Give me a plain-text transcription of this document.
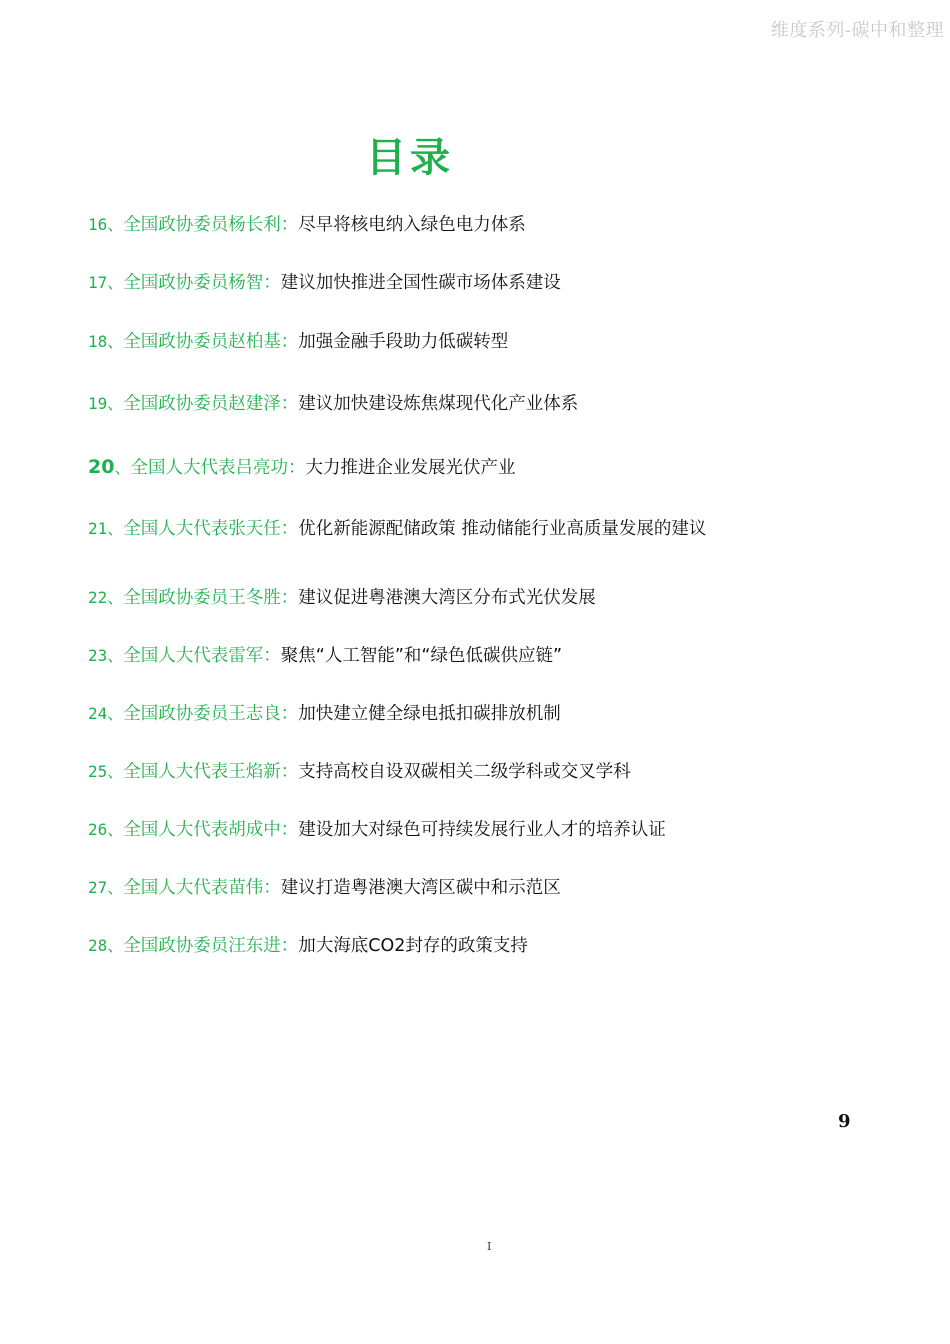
维度系列-碳中和整理
目录
16、全国政协委员杨长利：尽早将核电纳入绿色电力体系
17、全国政协委员杨智：建议加快推进全国性碳市场体系建设
18、全国政协委员赵柏基：加强金融手段助力低碳转型
19、全国政协委员赵建泽：建议加快建设炼焦煤现代化产业体系
20、全国人大代表吕亮功：大力推进企业发展光伏产业
21、全国人大代表张天任：优化新能源配储政策 推动储能行业高质量发展的建议
22、全国政协委员王冬胜：建议促进粤港澳大湾区分布式光伏发展
23、全国人大代表雷军：聚焦“人工智能”和“绿色低碳供应链”
24、全国政协委员王志良：加快建立健全绿电抵扣碳排放机制
25、全国人大代表王焰新：支持高校自设双碳相关二级学科或交叉学科
26、全国人大代表胡成中：建设加大对绿色可持续发展行业人才的培养认证
27、全国人大代表苗伟：建议打造粤港澳大湾区碳中和示范区
28、全国政协委员汪东进：加大海底CO2封存的政策支持
9
I
